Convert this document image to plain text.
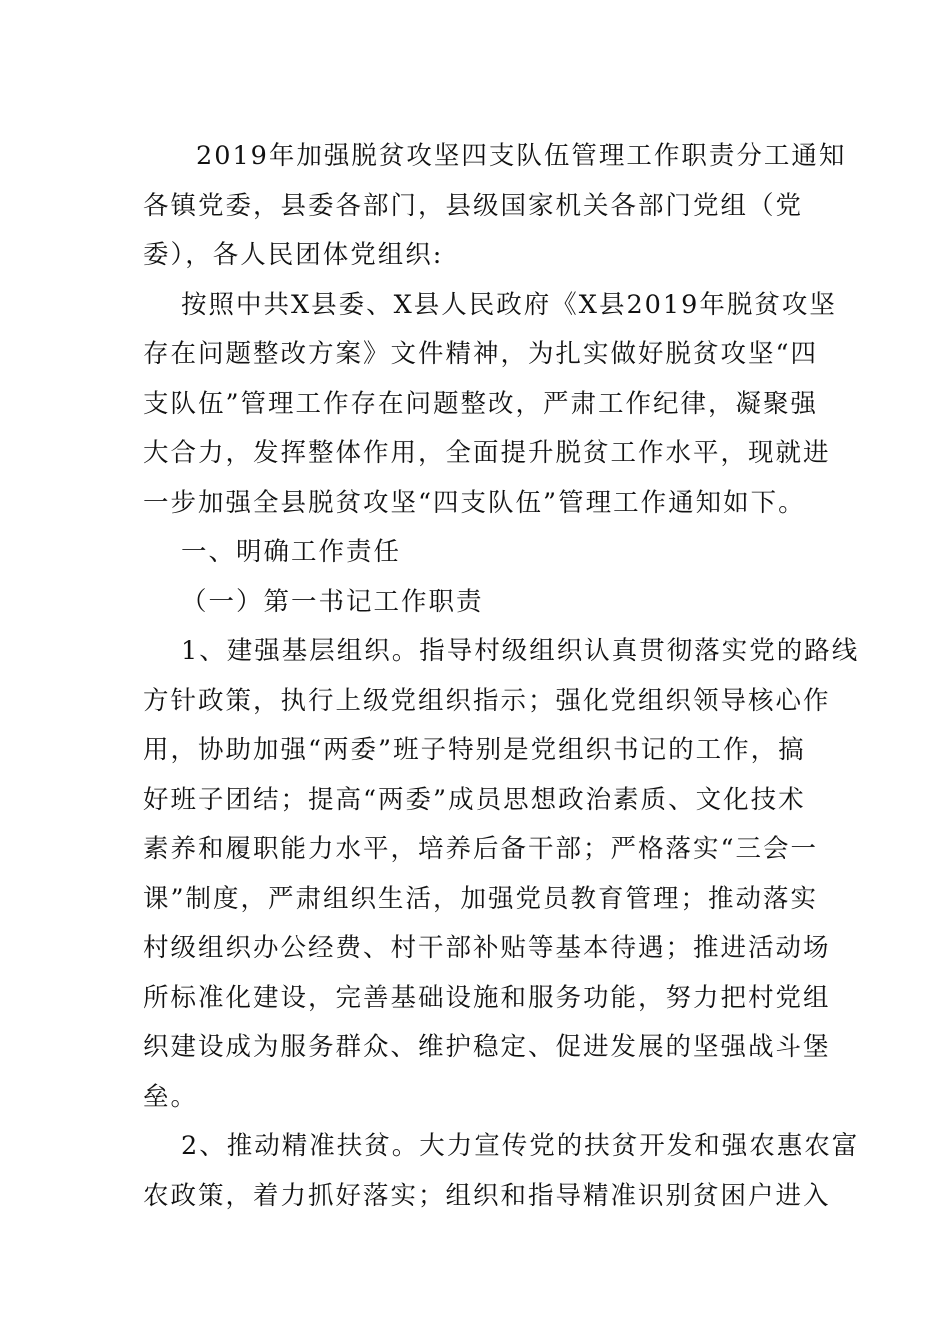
2019年加强脱贫攻坚四支队伍管理工作职责分工通知
各镇党委，县委各部门，县级国家机关各部门党组（党
委），各人民团体党组织:
按照中共X县委、X县人民政府《X县2019年脱贫攻坚
存在问题整改方案》文件精神，为扎实做好脱贫攻坚“四
支队伍”管理工作存在问题整改，严肃工作纪律，凝聚强
大合力，发挥整体作用，全面提升脱贫工作水平，现就进
一步加强全县脱贫攻坚“四支队伍”管理工作通知如下。
一、明确工作责任
（一）第一书记工作职责
1、建强基层组织。指导村级组织认真贯彻落实党的路线
方针政策，执行上级党组织指示；强化党组织领导核心作
用，协助加强“两委”班子特别是党组织书记的工作，搞
好班子团结；提高“两委”成员思想政治素质、文化技术
素养和履职能力水平，培养后备干部；严格落实“三会一
课”制度，严肃组织生活，加强党员教育管理；推动落实
村级组织办公经费、村干部补贴等基本待遇；推进活动场
所标准化建设，完善基础设施和服务功能，努力把村党组
织建设成为服务群众、维护稳定、促进发展的坚强战斗堡
垒。
2、推动精准扶贫。大力宣传党的扶贫开发和强农惠农富
农政策，着力抓好落实；组织和指导精准识别贫困户进入
